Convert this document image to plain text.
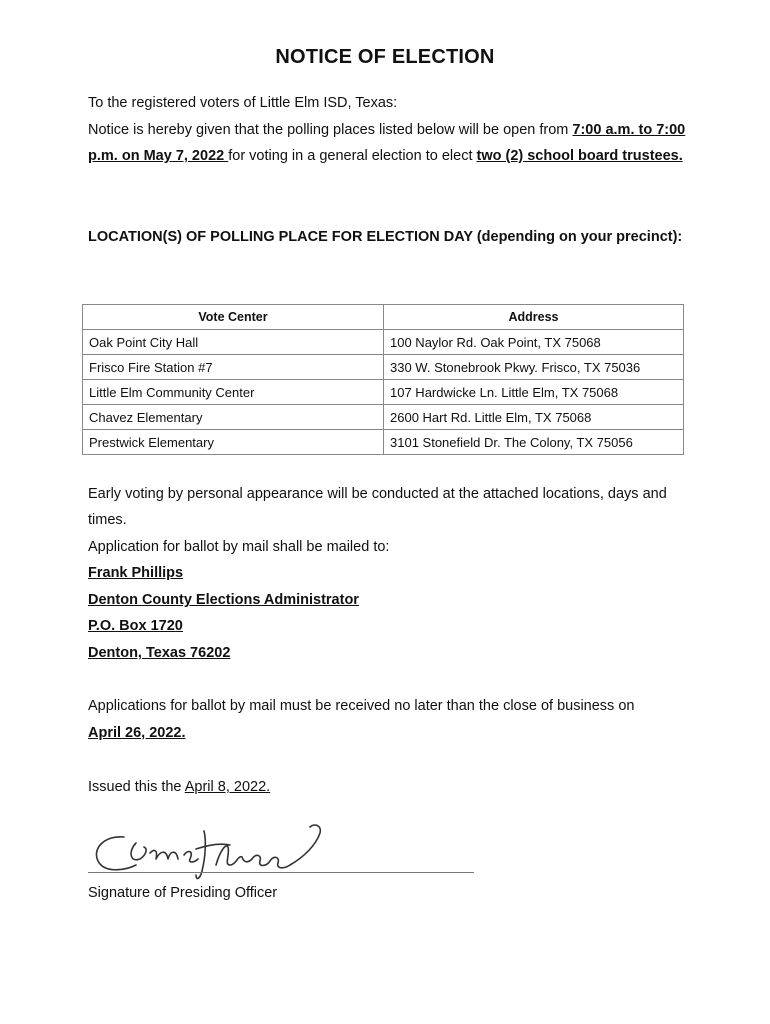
NOTICE OF ELECTION
To the registered voters of Little Elm ISD, Texas:
Notice is hereby given that the polling places listed below will be open from 7:00 a.m. to 7:00 p.m. on May 7, 2022 for voting in a general election to elect two (2) school board trustees.
LOCATION(S) OF POLLING PLACE FOR ELECTION DAY (depending on your precinct):
Vote Center	Address
Oak Point City Hall	100 Naylor Rd. Oak Point, TX 75068
Frisco Fire Station #7	330 W. Stonebrook Pkwy. Frisco, TX 75036
Little Elm Community Center	107 Hardwicke Ln. Little Elm, TX 75068
Chavez Elementary	2600 Hart Rd. Little Elm, TX 75068
Prestwick Elementary	3101 Stonefield Dr. The Colony, TX 75056
Early voting by personal appearance will be conducted at the attached locations, days and times.
Application for ballot by mail shall be mailed to:
Frank Phillips
Denton County Elections Administrator
P.O. Box 1720
Denton, Texas 76202
Applications for ballot by mail must be received no later than the close of business on
April 26, 2022.
Issued this the April 8, 2022.
Signature of Presiding Officer
